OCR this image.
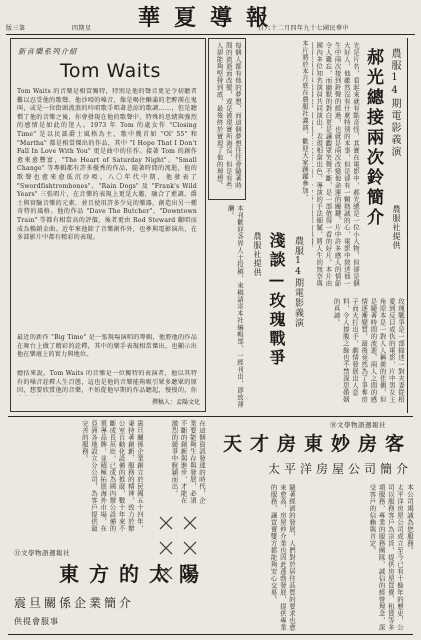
版三第	四期星	華夏導報
日六十二月四年九十七國民華中
新音樂系列介紹
Tom Waits
Tom Waits 的音樂是相當獨特，特別是他的聲音更是令初聽者難以忍受他的歌聲。他沙啞的嗓音，像是喝住酗滿的老醉漢在鬼叫，或是一位街頭流浪的吟唱歌手唱著悲涼的歌調……，但是聽慣了他的音樂之後，你會發現在他的歌聲中，特殊的思緒與強烈的感情是如此的迷人。1973 年 Tom 的處女作 "Closing Time" 是以民謠爵士風格為主，歌中幾首如 "Ol' 55" 和 "Martha" 都是相當傑出的作品，其中 "I Hope That I Don't Fall In Love With You" 更是曲中的佳作。接著 Tom 的創作愈來愈豐富，"The Heart of Saturday Night"、"Small Change" 等專輯都有許多優秀的作品，隨著時間的流逝，他的歌聲也愈來愈低沉沙啞。八〇年代中期，他發表了 "Swordfishtrombones"、"Rain Dogs" 及 "Frank's Wild Years" 三張唱片，在音樂的表現上更是大膽，融合了藍調、爵士與實驗音樂的元素，並且使用許多少見的樂器，創造出另一種奇特的風格。他的作品 "Dave The Butcher"、"Downtown Train" 等都有相當高的評價，後者更由 Rod Steward 翻唱而成為暢銷金曲。近年來他除了音樂創作外，也參與電影演出，在多部影片中都有精彩的表現。
最近的新作 "Big Time" 是一張現場演唱的專輯，他將他的作品在舞台上做了精彩的詮釋，其中的樂手表現相當傑出，也顯示出他在樂壇上的實力與地位。
總括來說，Tom Waits 的音樂是一位獨特的表演者，他以其特有的嗓音詮釋人生百態，這也是他的音樂能夠吸引眾多聽眾的原因，想要欣賞他的音樂，不妨從他早期的作品聽起，慢慢的，你
撰稿人：孟陽文化
每個人都有他的夢想，而這個夢想往往會隨著時間的流逝而改變，或是被現實所淹沒，但是有些人卻能夠堅持到底，最後終於實現了他的理想。	本片將於本月底在農服社義演，歡迎大家踴躍參加。	光是片名，看起來就有點奇怪，其實在電影中，郝光總是一位小人物，但卻是個大好人，他雖然沒有什麼特別的本事，但是卻有一顆熱誠的心，電影中敘述他一生中兩次接到鈴聲的經過，也就是兩次改變他命運的關鍵，片中許多感人的情節令人難忘，而幽默的對白更是讓觀眾笑聲不斷，是一部值得一看的好片。本片由國內多位知名演員共同演出，表現相當出色，導演的手法細膩，將人生的無奈與
郝光總接兩次鈴簡介 農服14期電影義演
農服社提供
本刊歡迎各界人士投稿，來稿請寄本社編輯部，一經刊出，即致薄酬。
農服社提供 淺談—玫瑰戰爭 農服14期電影義演
玫瑰戰爭是一部描述一對夫妻從相愛到反目成仇的電影，片中男女主角原本是一對人人稱羨的佳偶，但是隨著時間的流逝，兩人之間的感情逐漸變質，最後竟然為了爭奪房子而大打出手，劇情發展出人意料，令人捧腹之餘也不禁深思婚姻的真諦。
⑩文學物語週報社
天才房東妙房客
太平洋房屋公司簡介
太平洋房屋公司成立至今已有十餘年的歷史，公司以服務客戶為宗旨，提供房屋買賣、租賃等多項服務，專業的服務團隊，誠信的經營理念，深受客戶的信賴與肯定。
隨著經濟的發展，人們對於居住品質的要求也愈來愈高，房屋仲介業也因此蓬勃發展，提供專業的服務，讓買賣雙方都能夠安心交易。	本公司竭誠為您服務。
震旦關係企業創立於民國五十四年，秉持著創新、服務的精神，致力於辦公室自動化設備的推廣，數十年來不斷成長茁壯，已成為國內辦公設備的領導品牌，並積極拓展海外市場，在亞洲各地設立分公司，為客戶提供最完善的服務。	在這個資訊發達的時代，企業要能夠生存與發展，必須不斷的創新與進步，才能在激烈的競爭中脫穎而出。
⑪文學物語週報社
東方的太陽
震旦關係企業簡介
供提會服事
